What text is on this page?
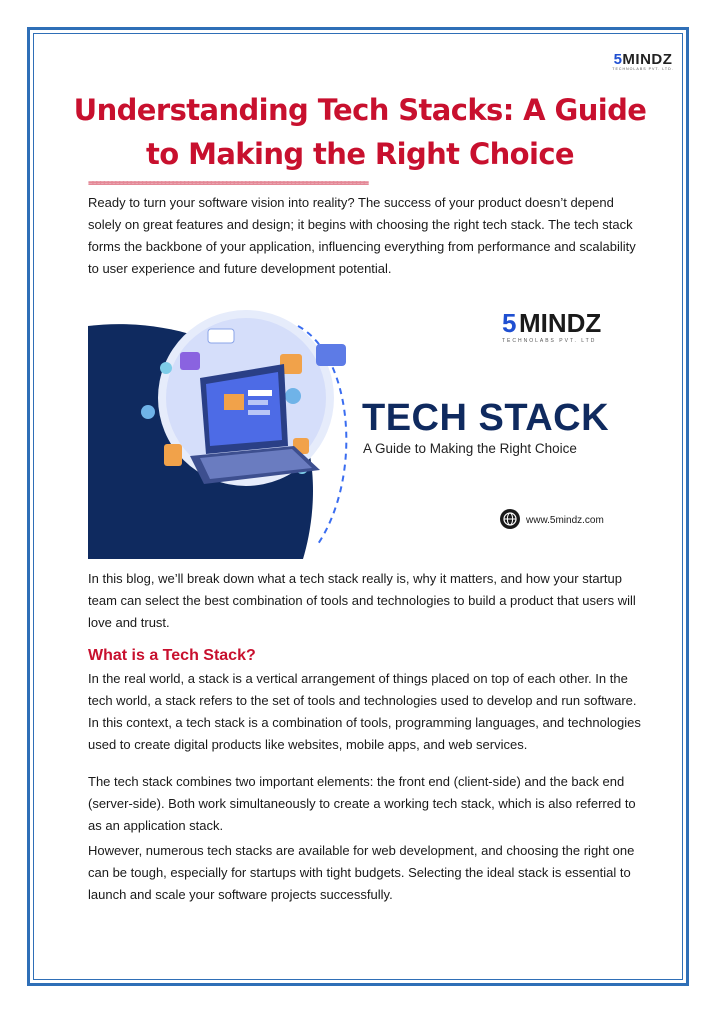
5MINDZ
TECHNOLABS PVT. LTD.
Understanding Tech Stacks: A Guide to Making the Right Choice
=========================================================================

Ready to turn your software vision into reality? The success of your product doesn’t depend solely on great features and design; it begins with choosing the right tech stack. The tech stack forms the backbone of your application, influencing everything from performance and scalability to user experience and future development potential.

5 MINDZ
TECHNOLABS PVT. LTD
TECH STACK
A Guide to Making the Right Choice
www.5mindz.com

In this blog, we’ll break down what a tech stack really is, why it matters, and how your startup team can select the best combination of tools and technologies to build a product that users will love and trust.

What is a Tech Stack?

In the real world, a stack is a vertical arrangement of things placed on top of each other. In the tech world, a stack refers to the set of tools and technologies used to develop and run software. In this context, a tech stack is a combination of tools, programming languages, and technologies used to create digital products like websites, mobile apps, and web services.

The tech stack combines two important elements: the front end (client-side) and the back end (server-side). Both work simultaneously to create a working tech stack, which is also referred to as an application stack.

However, numerous tech stacks are available for web development, and choosing the right one can be tough, especially for startups with tight budgets. Selecting the ideal stack is essential to launch and scale your software projects successfully.
